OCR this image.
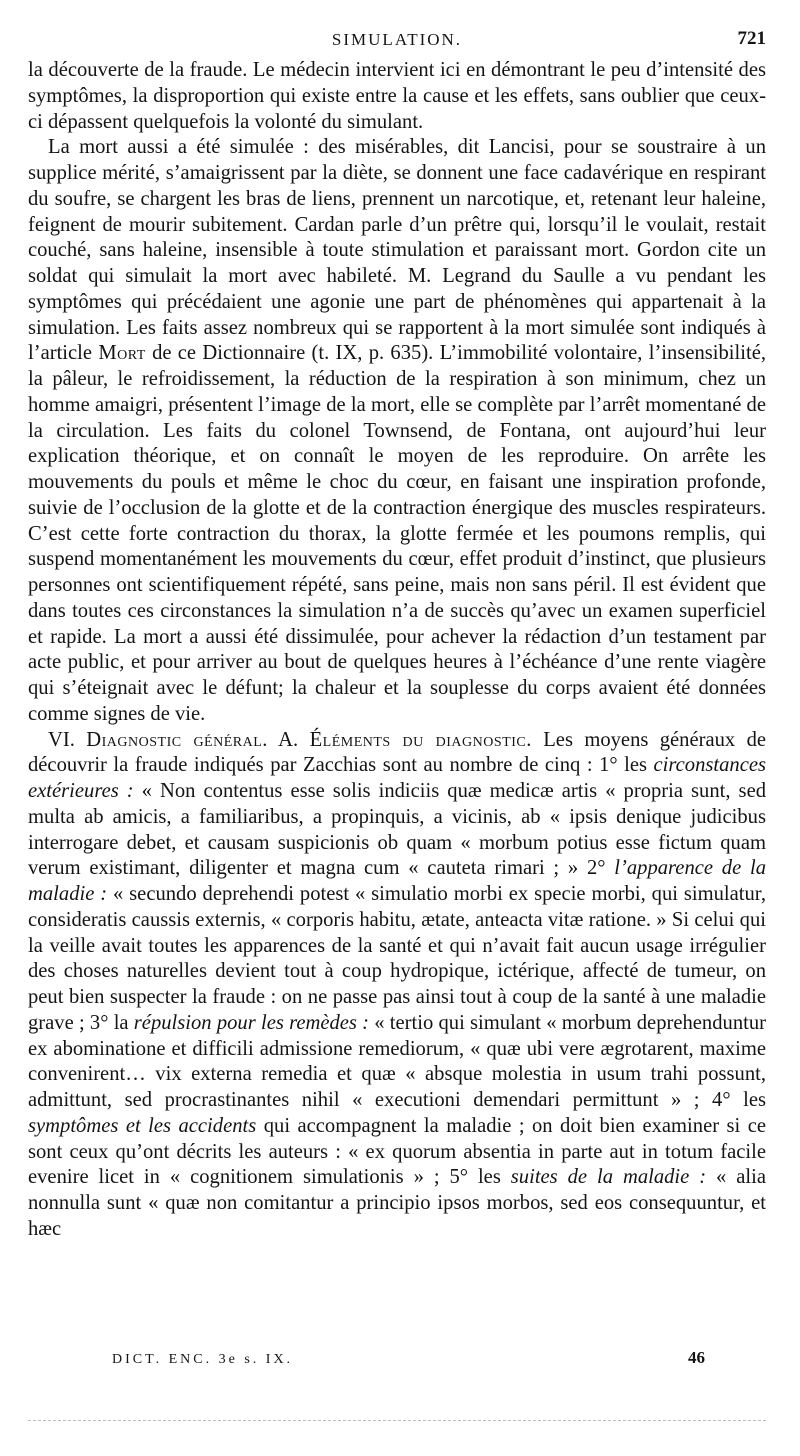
SIMULATION.	721

la découverte de la fraude. Le médecin intervient ici en démontrant le peu d’intensité des symptômes, la disproportion qui existe entre la cause et les effets, sans oublier que ceux-ci dépassent quelquefois la volonté du simulant.

La mort aussi a été simulée : des misérables, dit Lancisi, pour se soustraire à un supplice mérité, s’amaigrissent par la diète, se donnent une face cadavérique en respirant du soufre, se chargent les bras de liens, prennent un narcotique, et, retenant leur haleine, feignent de mourir subitement. Cardan parle d’un prêtre qui, lorsqu’il le voulait, restait couché, sans haleine, insensible à toute stimulation et paraissant mort. Gordon cite un soldat qui simulait la mort avec habileté. M. Legrand du Saulle a vu pendant les symptômes qui précédaient une agonie une part de phénomènes qui appartenait à la simulation. Les faits assez nombreux qui se rapportent à la mort simulée sont indiqués à l’article Mort de ce Dictionnaire (t. IX, p. 635). L’immobilité volontaire, l’insensibilité, la pâleur, le refroidissement, la réduction de la respiration à son minimum, chez un homme amaigri, présentent l’image de la mort, elle se complète par l’arrêt momentané de la circulation. Les faits du colonel Townsend, de Fontana, ont aujourd’hui leur explication théorique, et on connaît le moyen de les reproduire. On arrête les mouvements du pouls et même le choc du cœur, en faisant une inspiration profonde, suivie de l’occlusion de la glotte et de la contraction énergique des muscles respirateurs. C’est cette forte contraction du thorax, la glotte fermée et les poumons remplis, qui suspend momentanément les mouvements du cœur, effet produit d’instinct, que plusieurs personnes ont scientifiquement répété, sans peine, mais non sans péril. Il est évident que dans toutes ces circonstances la simulation n’a de succès qu’avec un examen superficiel et rapide. La mort a aussi été dissimulée, pour achever la rédaction d’un testament par acte public, et pour arriver au bout de quelques heures à l’échéance d’une rente viagère qui s’éteignait avec le défunt; la chaleur et la souplesse du corps avaient été données comme signes de vie.

VI. Diagnostic général. A. Éléments du diagnostic. Les moyens généraux de découvrir la fraude indiqués par Zacchias sont au nombre de cinq : 1° les circonstances extérieures : « Non contentus esse solis indiciis quæ medicæ artis « propria sunt, sed multa ab amicis, a familiaribus, a propinquis, a vicinis, ab « ipsis denique judicibus interrogare debet, et causam suspicionis ob quam « morbum potius esse fictum quam verum existimant, diligenter et magna cum « cauteta rimari ; » 2° l’apparence de la maladie : « secundo deprehendi potest « simulatio morbi ex specie morbi, qui simulatur, consideratis caussis externis, « corporis habitu, ætate, anteacta vitæ ratione. » Si celui qui la veille avait toutes les apparences de la santé et qui n’avait fait aucun usage irrégulier des choses naturelles devient tout à coup hydropique, ictérique, affecté de tumeur, on peut bien suspecter la fraude : on ne passe pas ainsi tout à coup de la santé à une maladie grave ; 3° la répulsion pour les remèdes : « tertio qui simulant « morbum deprehenduntur ex abominatione et difficili admissione remediorum, « quæ ubi vere ægrotarent, maxime convenirent… vix externa remedia et quæ « absque molestia in usum trahi possunt, admittunt, sed procrastinantes nihil « executioni demendari permittunt » ; 4° les symptômes et les accidents qui accompagnent la maladie ; on doit bien examiner si ce sont ceux qu’ont décrits les auteurs : « ex quorum absentia in parte aut in totum facile evenire licet in « cognitionem simulationis » ; 5° les suites de la maladie : « alia nonnulla sunt « quæ non comitantur a principio ipsos morbos, sed eos consequuntur, et hæc

DICT. ENC. 3e s. IX.	46
